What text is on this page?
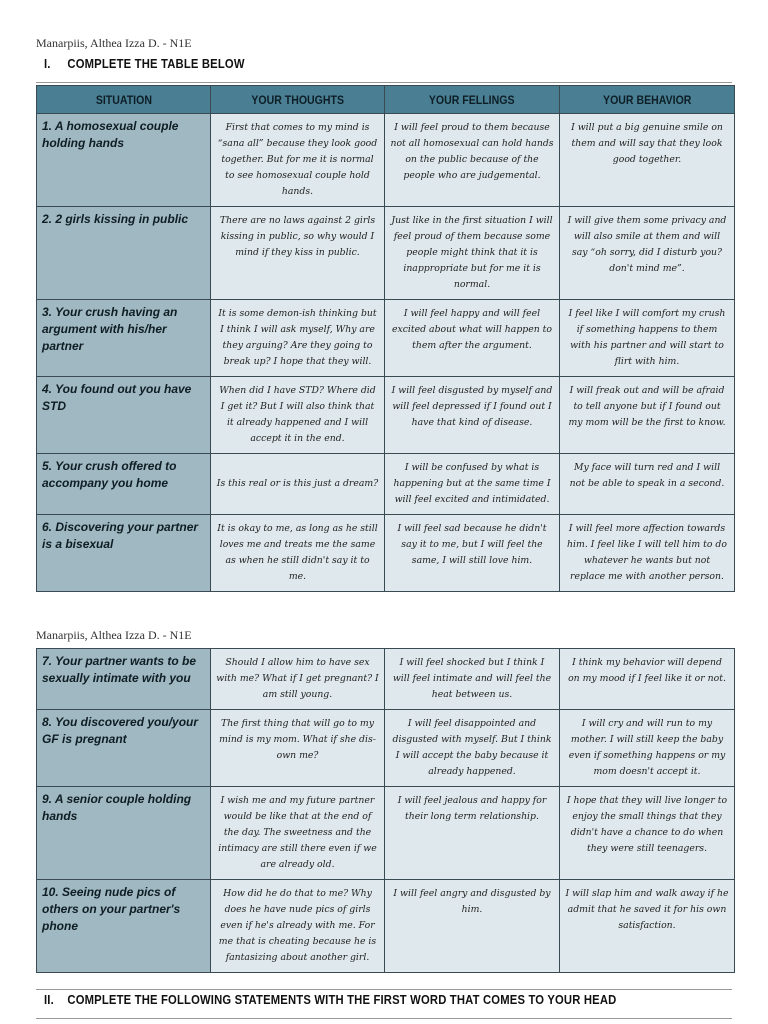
Manarpiis, Althea Izza D. - N1E
I. COMPLETE THE TABLE BELOW
SITUATION	YOUR THOUGHTS	YOUR FELLINGS	YOUR BEHAVIOR
1. A homosexual couple holding hands	First that comes to my mind is “sana all” because they look good together. But for me it is normal to see homosexual couple hold hands.	I will feel proud to them because not all homosexual can hold hands on the public because of the people who are judgemental.	I will put a big genuine smile on them and will say that they look good together.
2. 2 girls kissing in public	There are no laws against 2 girls kissing in public, so why would I mind if they kiss in public.	Just like in the first situation I will feel proud of them because some people might think that it is inappropriate but for me it is normal.	I will give them some privacy and will also smile at them and will say “oh sorry, did I disturb you? don't mind me”.
3. Your crush having an argument with his/her partner	It is some demon-ish thinking but I think I will ask myself, Why are they arguing? Are they going to break up? I hope that they will.	I will feel happy and will feel excited about what will happen to them after the argument.	I feel like I will comfort my crush if something happens to them with his partner and will start to flirt with him.
4. You found out you have STD	When did I have STD? Where did I get it? But I will also think that it already happened and I will accept it in the end.	I will feel disgusted by myself and will feel depressed if I found out I have that kind of disease.	I will freak out and will be afraid to tell anyone but if I found out my mom will be the first to know.
5. Your crush offered to accompany you home	Is this real or is this just a dream?	I will be confused by what is happening but at the same time I will feel excited and intimidated.	My face will turn red and I will not be able to speak in a second.
6. Discovering your partner is a bisexual	It is okay to me, as long as he still loves me and treats me the same as when he still didn't say it to me.	I will feel sad because he didn't say it to me, but I will feel the same, I will still love him.	I will feel more affection towards him. I feel like I will tell him to do whatever he wants but not replace me with another person.
Manarpiis, Althea Izza D. - N1E
7. Your partner wants to be sexually intimate with you	Should I allow him to have sex with me? What if I get pregnant? I am still young.	I will feel shocked but I think I will feel intimate and will feel the heat between us.	I think my behavior will depend on my mood if I feel like it or not.
8. You discovered you/your GF is pregnant	The first thing that will go to my mind is my mom. What if she dis-own me?	I will feel disappointed and disgusted with myself. But I think I will accept the baby because it already happened.	I will cry and will run to my mother. I will still keep the baby even if something happens or my mom doesn't accept it.
9. A senior couple holding hands	I wish me and my future partner would be like that at the end of the day. The sweetness and the intimacy are still there even if we are already old.	I will feel jealous and happy for their long term relationship.	I hope that they will live longer to enjoy the small things that they didn't have a chance to do when they were still teenagers.
10. Seeing nude pics of others on your partner's phone	How did he do that to me? Why does he have nude pics of girls even if he's already with me. For me that is cheating because he is fantasizing about another girl.	I will feel angry and disgusted by him.	I will slap him and walk away if he admit that he saved it for his own satisfaction.
II. COMPLETE THE FOLLOWING STATEMENTS WITH THE FIRST WORD THAT COMES TO YOUR HEAD
